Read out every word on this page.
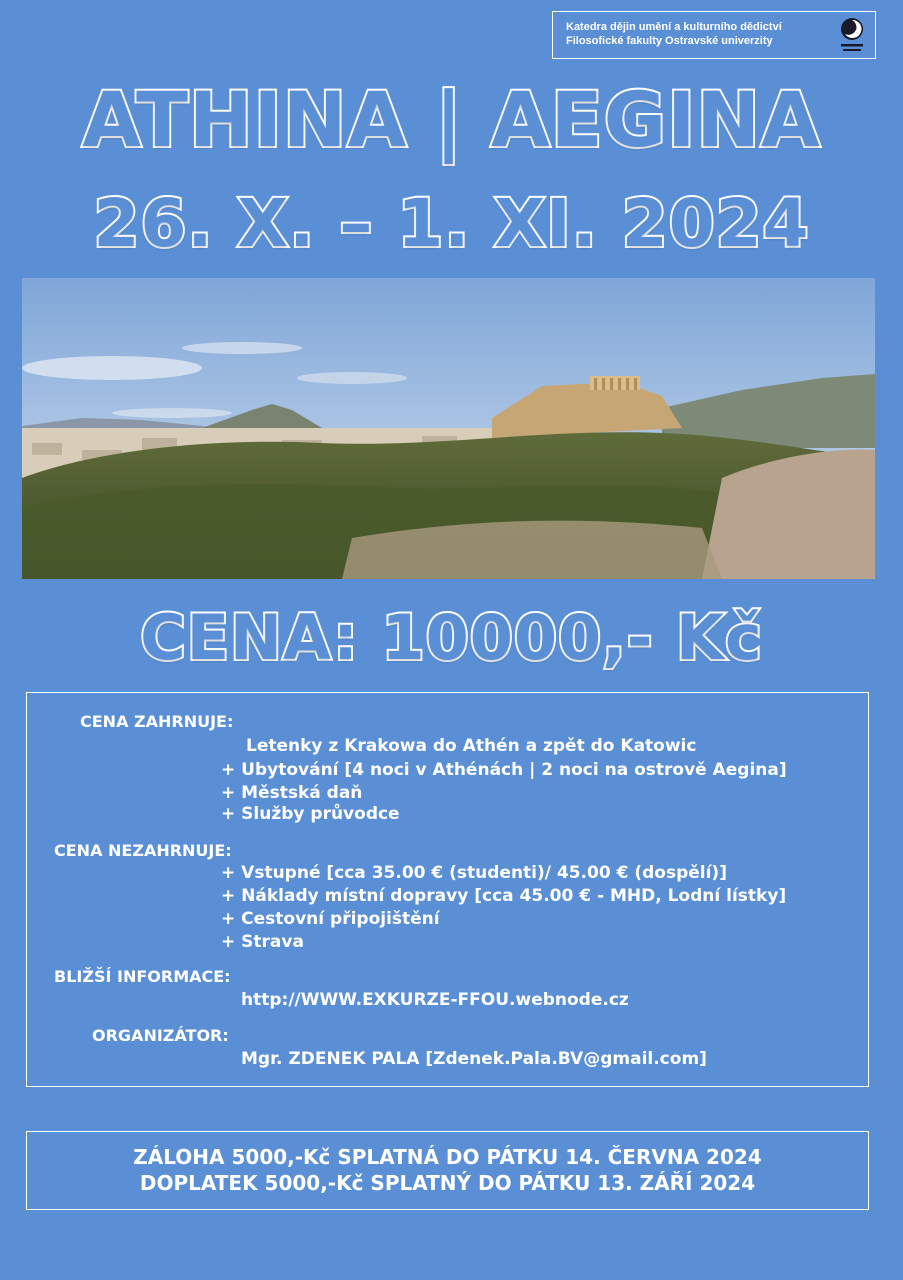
Katedra dějin umění a kulturního dědictví
Filosofické fakulty Ostravské univerzity
ATHINA | AEGINA
26. X. – 1. XI. 2024
CENA: 10000,- Kč
CENA ZAHRNUJE:
Letenky z Krakowa do Athén a zpět do Katowic
+ Ubytování [4 noci v Athénách | 2 noci na ostrově Aegina]
+ Městská daň
+ Služby průvodce
CENA NEZAHRNUJE:
+ Vstupné [cca 35.00 € (studenti)/ 45.00 € (dospělí)]
+ Náklady místní dopravy [cca 45.00 € - MHD, Lodní lístky]
+ Cestovní připojištění
+ Strava
BLIŽŠÍ INFORMACE:
http://WWW.EXKURZE-FFOU.webnode.cz
ORGANIZÁTOR:
Mgr. ZDENEK PALA [Zdenek.Pala.BV@gmail.com]
ZÁLOHA 5000,-Kč SPLATNÁ DO PÁTKU 14. ČERVNA 2024
DOPLATEK 5000,-Kč SPLATNÝ DO PÁTKU 13. ZÁŘÍ 2024
